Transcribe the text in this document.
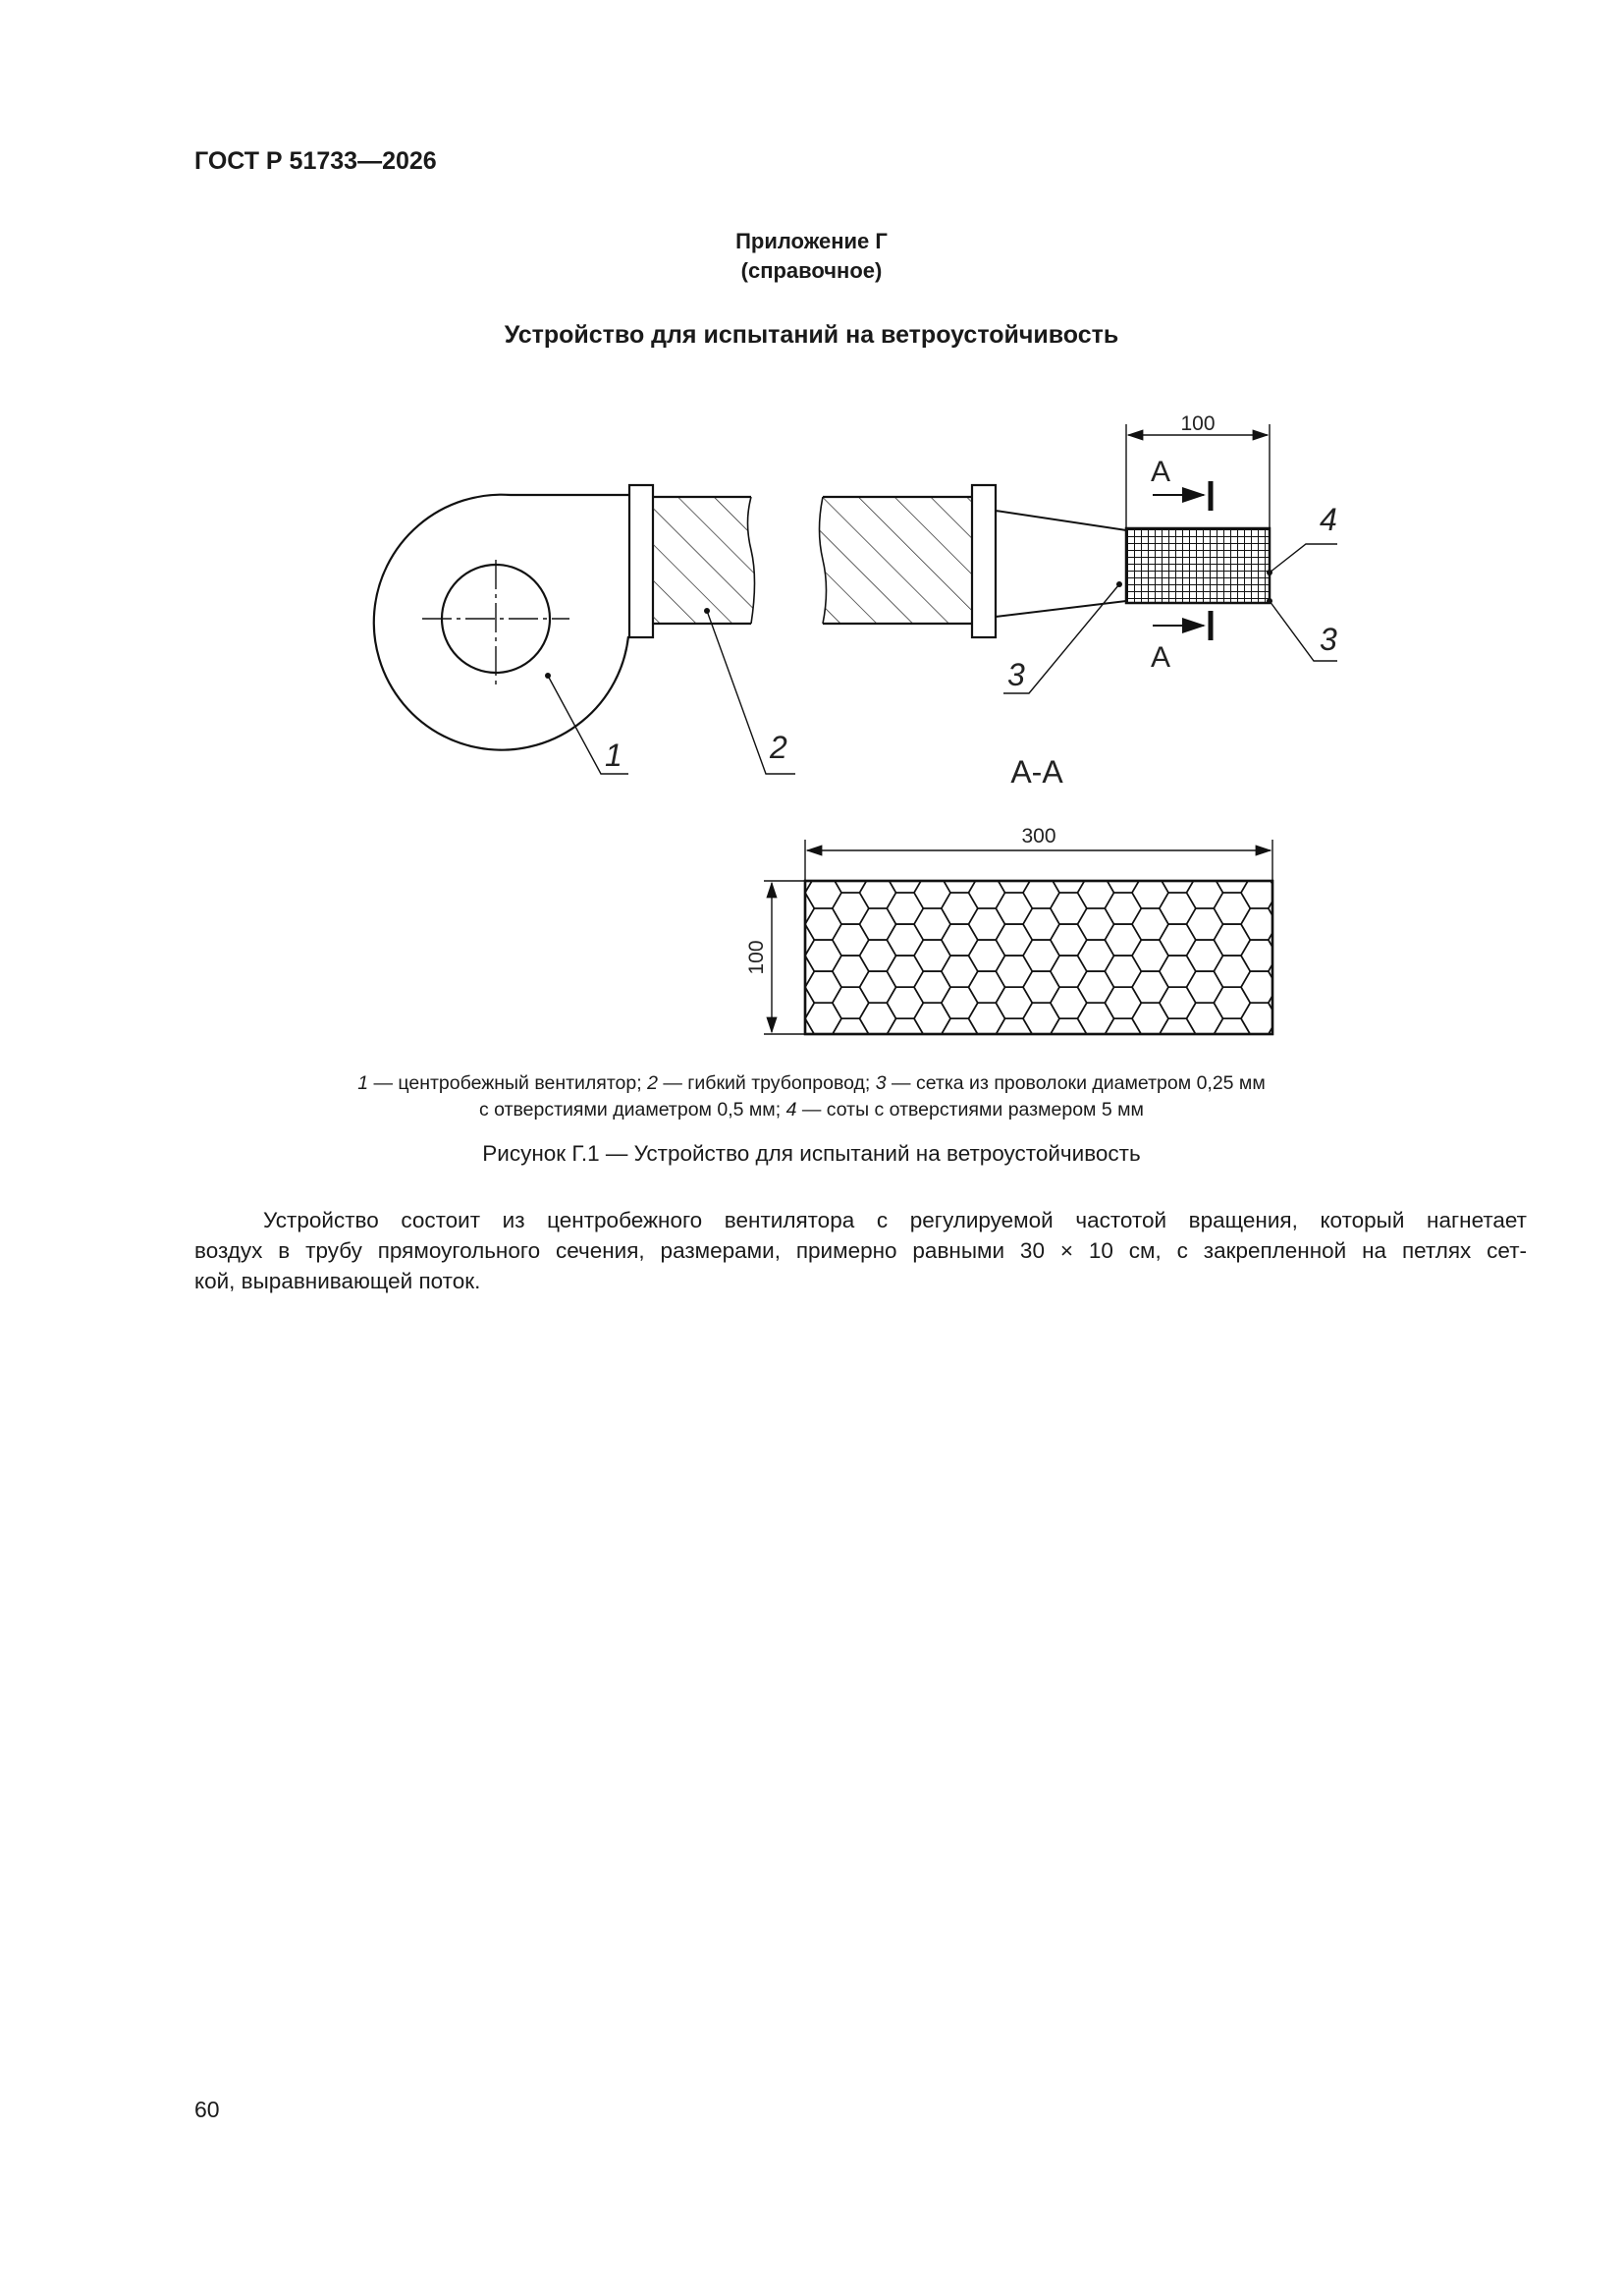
ГОСТ Р 51733—2026
Приложение Г
(справочное)
Устройство для испытаний на ветроустойчивость
100
А
А
1	2
3
4
3
А-А
300
100
1 — центробежный вентилятор; 2 — гибкий трубопровод; 3 — сетка из проволоки диаметром 0,25 мм
с отверстиями диаметром 0,5 мм; 4 — соты с отверстиями размером 5 мм
Рисунок Г.1 — Устройство для испытаний на ветроустойчивость
Устройство состоит из центробежного вентилятора с регулируемой частотой вращения, который нагнетает
воздух в трубу прямоугольного сечения, размерами, примерно равными 30 × 10 см, с закрепленной на петлях сет-
кой, выравнивающей поток.
60
